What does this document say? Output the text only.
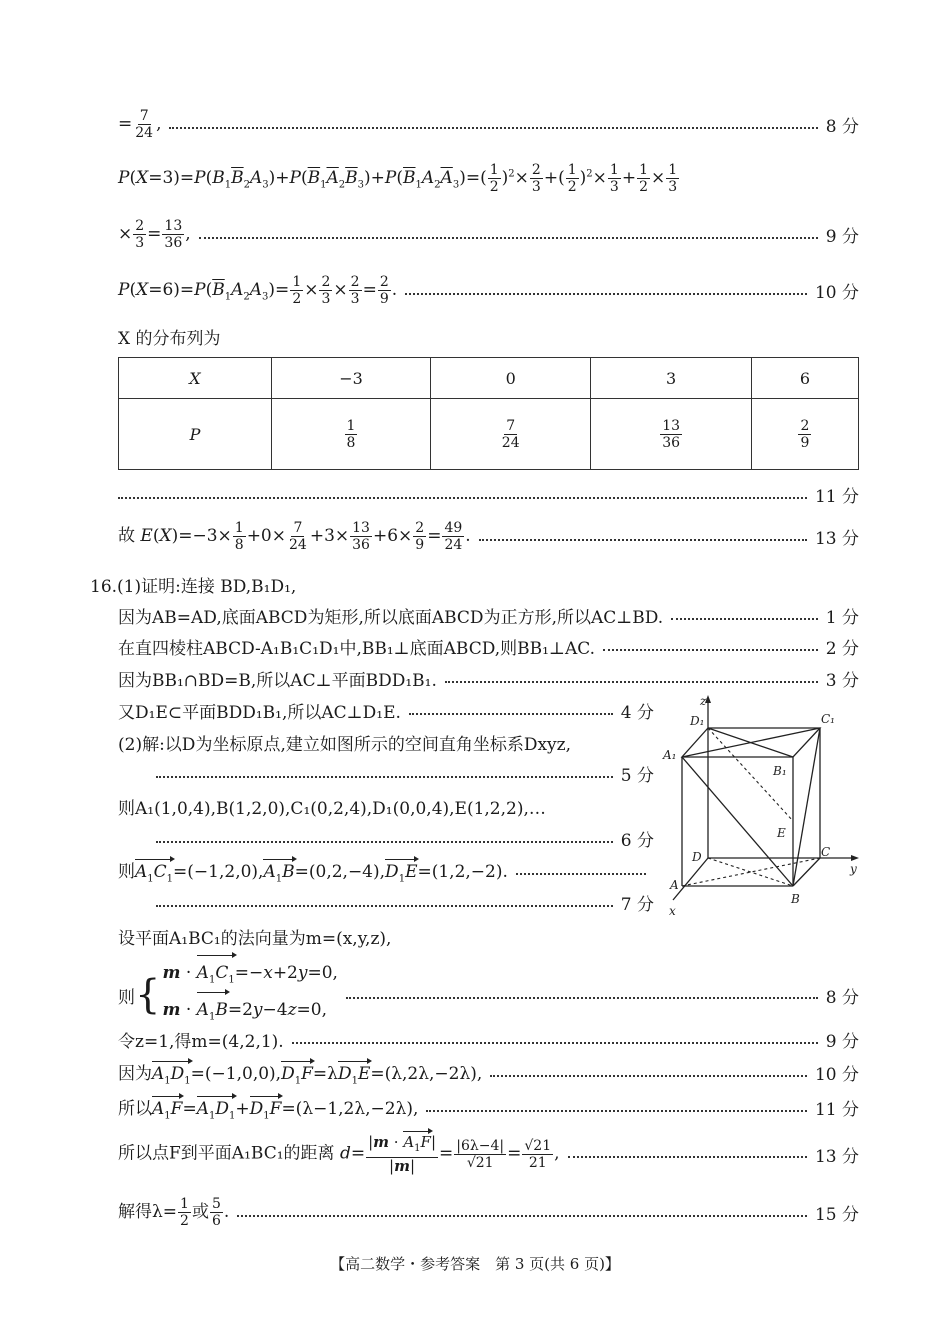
= $\frac{7}{24}$ ,	8 分
$P(X=3)=P(B_1\overline{B}_2A_3)+P(\overline{B}_1\overline{A}_2\overline{B}_3)+P(\overline{B}_1A_2\overline{A}_3)=( \frac{1}{2} )^2\times \frac{2}{3}$ +( $\frac{1}{2} )^2\times \frac{1}{3} + \frac{1}{2} \times \frac{1}{3}$
× $\frac{2}{3} = \frac{13}{36}$ ,	9 分
$P(X=6)=P(\overline{B}_1A_2A_3)= \frac{1}{2} \times \frac{2}{3} \times \frac{2}{3} = \frac{2}{9}$ .	10 分
X 的分布列为
X	−3	0	3	6
P	$\frac{1}{8}$	$\frac{7}{24}$	$\frac{13}{36}$	$\frac{2}{9}$
11 分
故 $E(X)=-3\times \frac{1}{8} +0\times \frac{7}{24} +3\times \frac{13}{36} +6\times \frac{2}{9} = \frac{49}{24}$ .	13 分
16.(1)证明:连接 BD,B₁D₁,
因为AB=AD,底面ABCD为矩形,所以底面ABCD为正方形,所以AC⊥BD.	1 分
在直四棱柱ABCD-A₁B₁C₁D₁中,BB₁⊥底面ABCD,则BB₁⊥AC.	2 分
因为BB₁∩BD=B,所以AC⊥平面BDD₁B₁.	3 分
又D₁E⊂平面BDD₁B₁,所以AC⊥D₁E.	4 分
(2)解:以D为坐标原点,建立如图所示的空间直角坐标系Dxyz,
5 分
则A₁(1,0,4),B(1,2,0),C₁(0,2,4),D₁(0,0,4),E(1,2,2),…
6 分
则$A_1C_1=(-1,2,0),A_1B=(0,2,-4),D_1E=(1,2,-2)$.
7 分
设平面A₁BC₁的法向量为m=(x,y,z),
则 { $m \cdot A_1C_1=-x+2y=0$,
$m \cdot A_1B=2y-4z=0$,
8 分
令z=1,得m=(4,2,1).	9 分
因为$A_1D_1=(-1,0,0),D_1F=\lambda D_1E=(\lambda,2\lambda,-2\lambda)$,	10 分
所以$A_1F=A_1D_1+D_1F=(\lambda-1,2\lambda,-2\lambda)$,	11 分
所以点F到平面A₁BC₁的距离 $d= \frac{|m \cdot A_1F|}{|m|} = \frac{|6\lambda-4|}{√21} = \frac{√21}{21}$ ,	13 分
解得$\lambda= \frac{1}{2}$ 或 $\frac{5}{6}$ .	15 分
z
y
x
D₁	C₁
A₁
B₁
D	C
A
B
E
【高二数学・参考答案　第 3 页(共 6 页)】
